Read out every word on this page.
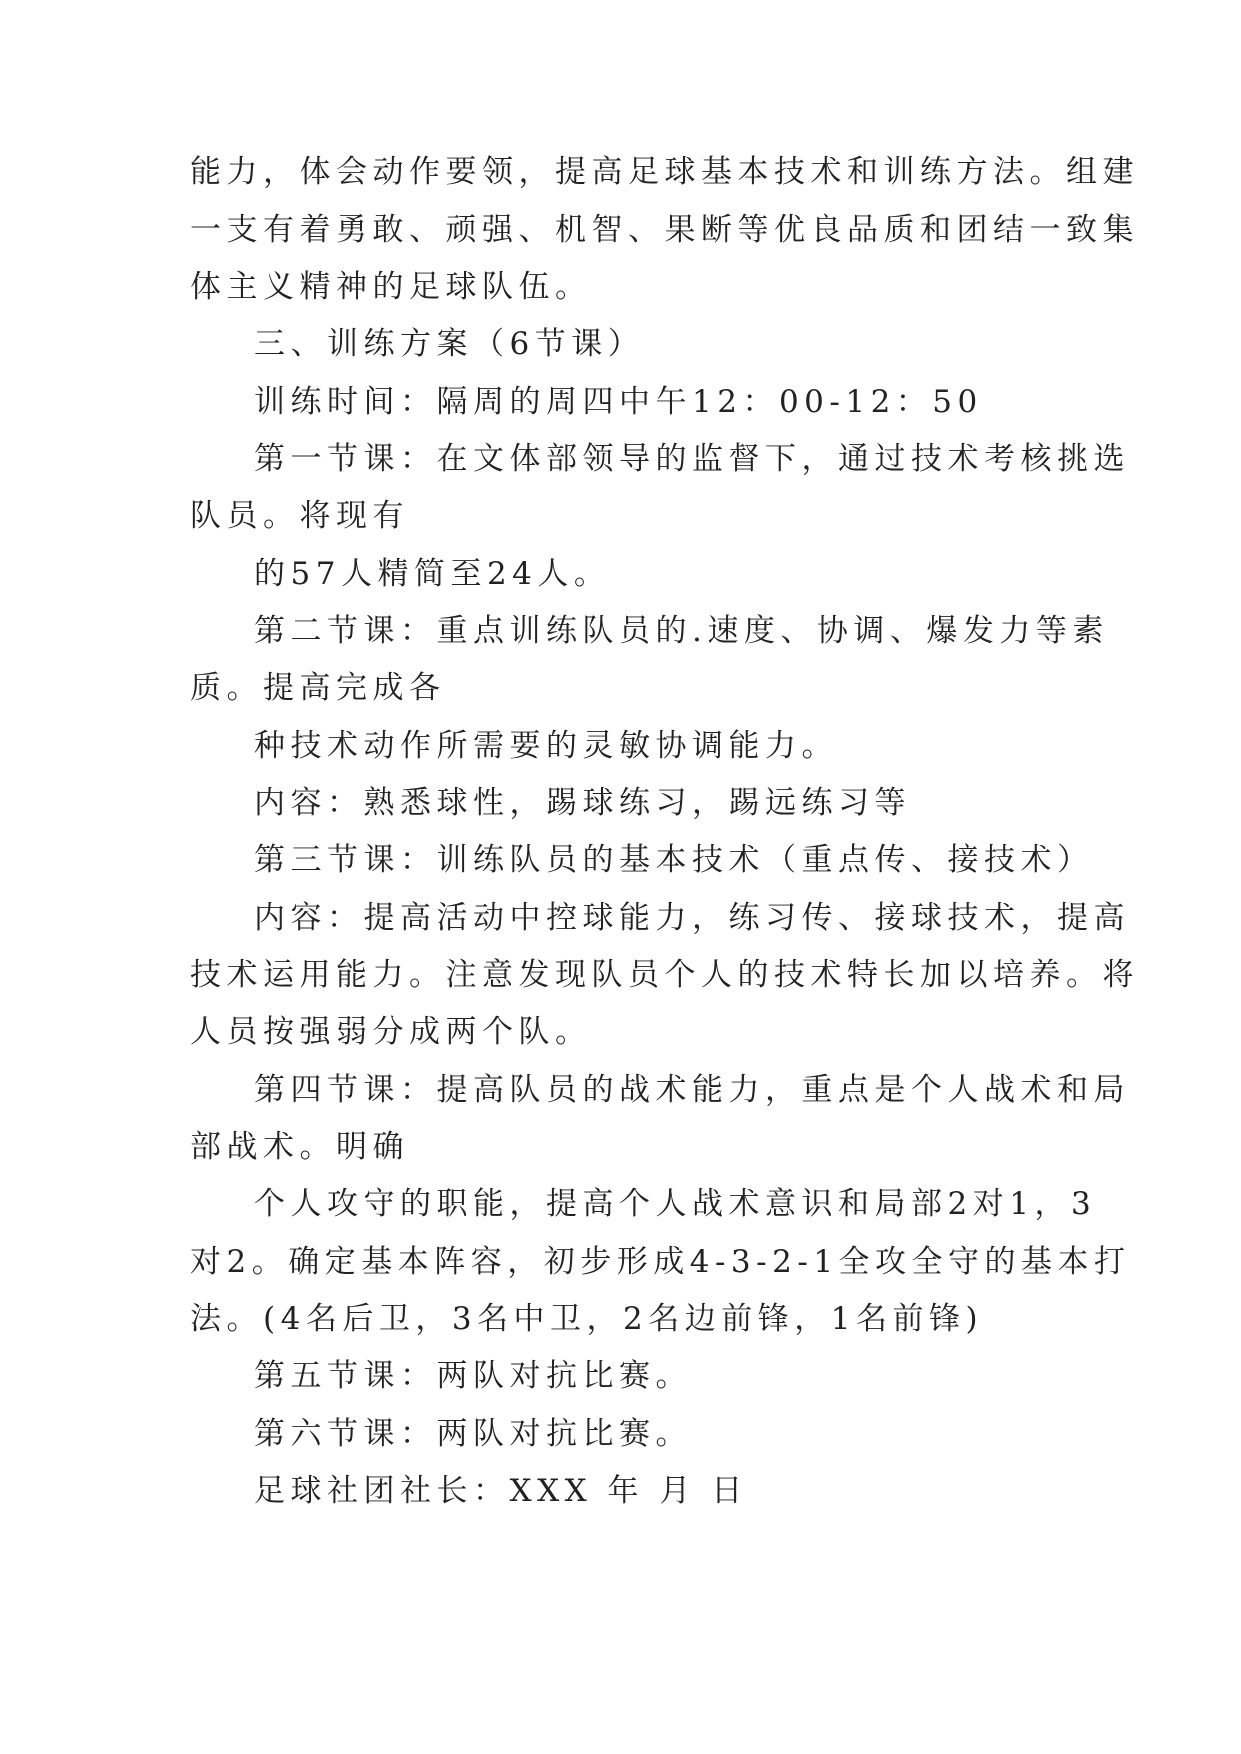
能力，体会动作要领，提高足球基本技术和训练方法。组建
一支有着勇敢、顽强、机智、果断等优良品质和团结一致集
体主义精神的足球队伍。
三、训练方案（6节课）
训练时间：隔周的周四中午12：00-12：50
第一节课：在文体部领导的监督下，通过技术考核挑选
队员。将现有
的57人精简至24人。
第二节课：重点训练队员的.速度、协调、爆发力等素
质。提高完成各
种技术动作所需要的灵敏协调能力。
内容：熟悉球性，踢球练习，踢远练习等
第三节课：训练队员的基本技术（重点传、接技术）
内容：提高活动中控球能力，练习传、接球技术，提高
技术运用能力。注意发现队员个人的技术特长加以培养。将
人员按强弱分成两个队。
第四节课：提高队员的战术能力，重点是个人战术和局
部战术。明确
个人攻守的职能，提高个人战术意识和局部2对1，3
对2。确定基本阵容，初步形成4-3-2-1全攻全守的基本打
法。(4名后卫，3名中卫，2名边前锋，1名前锋)
第五节课：两队对抗比赛。
第六节课：两队对抗比赛。
足球社团社长：XXX 年 月 日
